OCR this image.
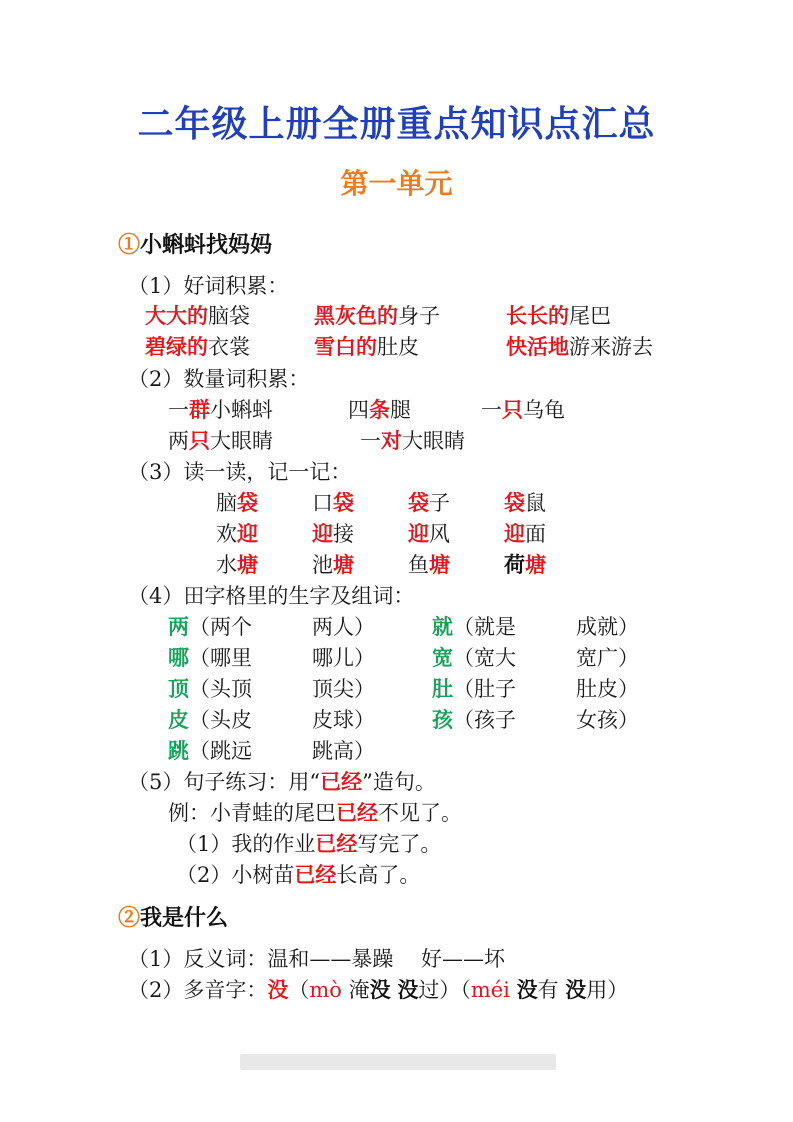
二年级上册全册重点知识点汇总
第一单元
①小蝌蚪找妈妈
（1）好词积累：
大大的脑袋	黑灰色的身子	长长的尾巴
碧绿的衣裳	雪白的肚皮	快活地游来游去
（2）数量词积累：
一群小蝌蚪	四条腿	一只乌龟
两只大眼睛	一对大眼睛
（3）读一读，记一记：
脑袋	口袋	袋子	袋鼠
欢迎	迎接	迎风	迎面
水塘	池塘	鱼塘	荷塘
（4）田字格里的生字及组词：
两（两个	两人）	就（就是	成就）
哪（哪里	哪儿）	宽（宽大	宽广）
顶（头顶	顶尖）	肚（肚子	肚皮）
皮（头皮	皮球）	孩（孩子	女孩）
跳（跳远	跳高）
（5）句子练习：用“已经”造句。
例：小青蛙的尾巴已经不见了。
（1）我的作业已经写完了。
（2）小树苗已经长高了。
②我是什么
（1）反义词：温和——暴躁　 好——坏
（2）多音字：没（mò 淹没 没过）（méi 没有 没用）
